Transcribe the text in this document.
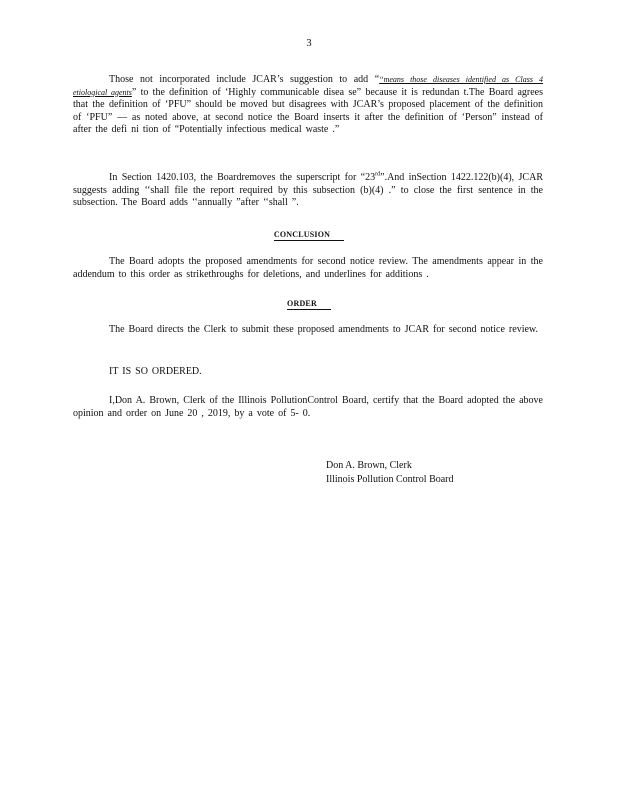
3

Those not incorporated include JCAR’s suggestion to add ““means those diseases identified as Class 4 etiological agents” to the definition of ‘Highly communicable disea se” because it is redundan t.The Board agrees that the definition of ‘PFU” should be moved but disagrees with JCAR’s proposed placement of the definition of ‘PFU” — as noted above, at second notice the Board inserts it after the definition of ‘Person” instead of after the defi ni tion of “Potentially infectious medical waste .”

In Section 1420.103, the Boardremoves the superscript for “23rd”.And inSection 1422.122(b)(4), JCAR suggests adding ‘‘shall file the report required by this subsection (b)(4) .” to close the first sentence in the subsection. The Board adds ‘‘annually ”after ‘‘shall ”.

CONCLUSION

The Board adopts the proposed amendments for second notice review. The amendments appear in the addendum to this order as strikethroughs for deletions, and underlines for additions .

ORDER

The Board directs the Clerk to submit these proposed amendments to JCAR for second notice review.

IT IS SO ORDERED.

I,Don A. Brown, Clerk of the Illinois PollutionControl Board, certify that the Board adopted the above opinion and order on June 20 , 2019, by a vote of 5- 0.

Don A. Brown, Clerk
Illinois Pollution Control Board
